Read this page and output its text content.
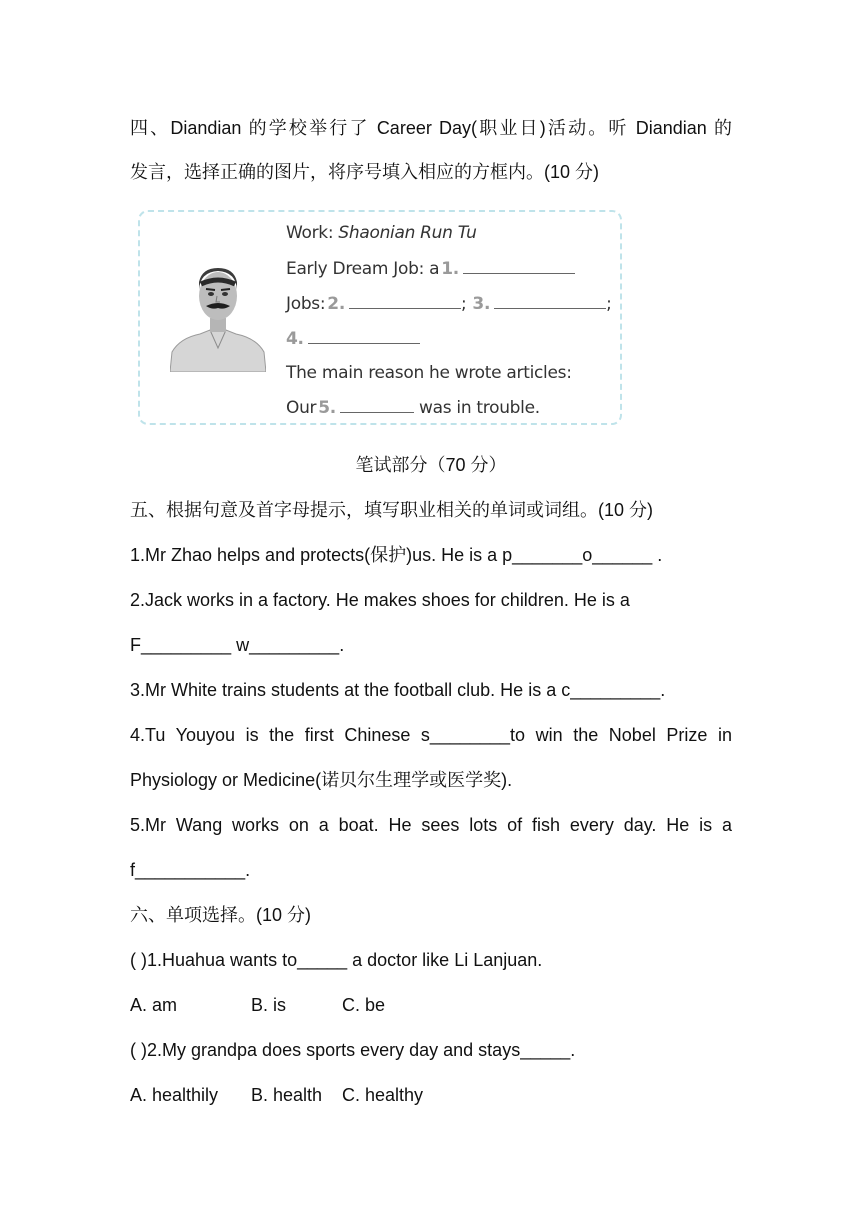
四、Diandian 的学校举行了 Career Day(职业日)活动。听 Diandian 的
发言，选择正确的图片，将序号填入相应的方框内。(10 分)
Work: Shaonian Run Tu
Early Dream Job: a 1.
Jobs: 2.	; 3.	;
4.
The main reason he wrote articles:
Our 5.	was in trouble.
笔试部分（70 分）
五、根据句意及首字母提示，填写职业相关的单词或词组。(10 分)
1.Mr Zhao helps and protects(保护)us. He is a p_______o______ .
2.Jack works in a factory. He makes shoes for children. He is a
F_________ w_________.
3.Mr White trains students at the football club. He is a c_________.
4.Tu Youyou is the first Chinese s________to win the Nobel Prize in
Physiology or Medicine(诺贝尔生理学或医学奖).
5.Mr Wang works on a boat. He sees lots of fish every day. He is a
f___________.
六、单项选择。(10 分)
( )1.Huahua wants to_____ a doctor like Li Lanjuan.
A. am	B. is	C. be
( )2.My grandpa does sports every day and stays_____.
A. healthily B. health C. healthy
